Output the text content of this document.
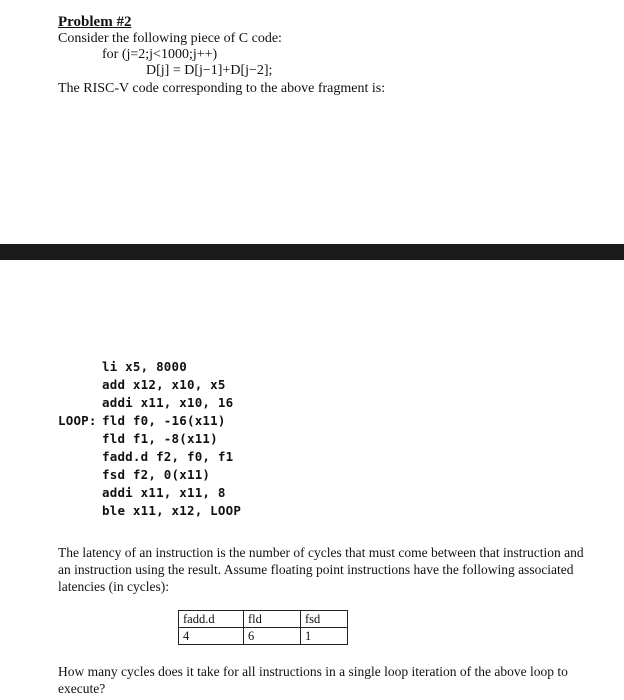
Problem #2
Consider the following piece of C code:
for (j=2;j<1000;j++)
D[j] = D[j−1]+D[j−2];
The RISC-V code corresponding to the above fragment is:
li x5, 8000
add x12, x10, x5
addi x11, x10, 16
LOOP: fld f0, -16(x11)
fld f1, -8(x11)
fadd.d f2, f0, f1
fsd f2, 0(x11)
addi x11, x11, 8
ble x11, x12, LOOP
The latency of an instruction is the number of cycles that must come between that instruction and an instruction using the result. Assume floating point instructions have the following associated latencies (in cycles):
fadd.d	fld	fsd
4	6	1
How many cycles does it take for all instructions in a single loop iteration of the above loop to execute?
